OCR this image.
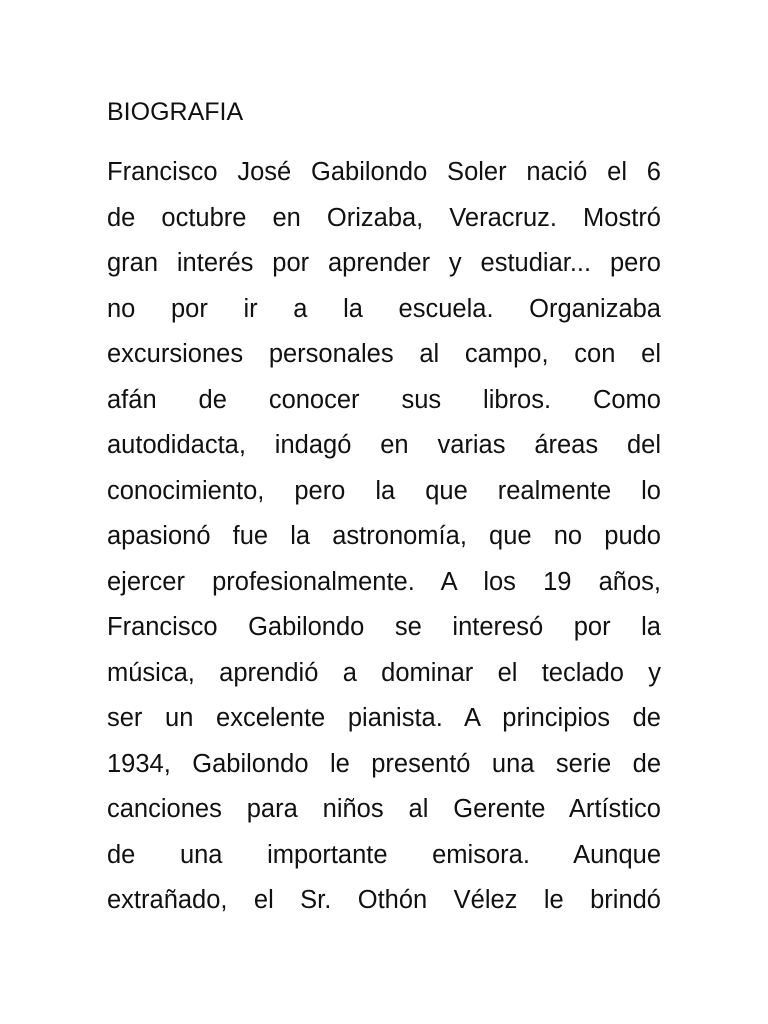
BIOGRAFIA
Francisco José Gabilondo Soler nació el 6
de octubre en Orizaba, Veracruz. Mostró
gran interés por aprender y estudiar... pero
no por ir a la escuela. Organizaba
excursiones personales al campo, con el
afán de conocer sus libros. Como
autodidacta, indagó en varias áreas del
conocimiento, pero la que realmente lo
apasionó fue la astronomía, que no pudo
ejercer profesionalmente. A los 19 años,
Francisco Gabilondo se interesó por la
música, aprendió a dominar el teclado y
ser un excelente pianista. A principios de
1934, Gabilondo le presentó una serie de
canciones para niños al Gerente Artístico
de una importante emisora. Aunque
extrañado, el Sr. Othón Vélez le brindó
